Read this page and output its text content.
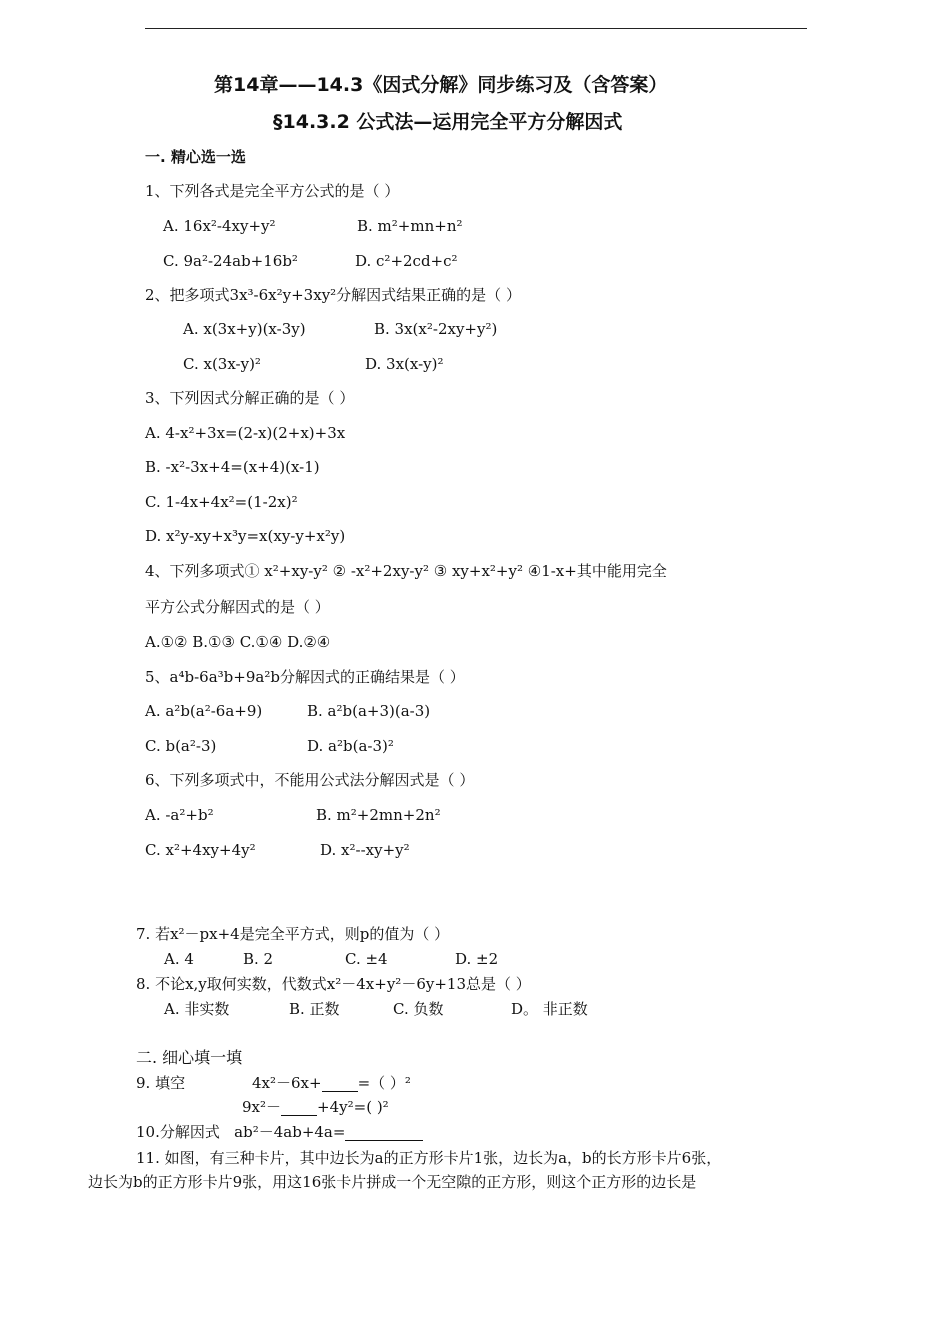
第14章——14.3《因式分解》同步练习及（含答案）
§14.3.2 公式法—运用完全平方分解因式
一. 精心选一选
1、下列各式是完全平方公式的是（ ）
A. 16x²-4xy+y²	B. m²+mn+n²
C. 9a²-24ab+16b²	D. c²+2cd+c²
2、把多项式3x³-6x²y+3xy²分解因式结果正确的是（ ）
A. x(3x+y)(x-3y)	B. 3x(x²-2xy+y²)
C. x(3x-y)²	D. 3x(x-y)²
3、下列因式分解正确的是（ ）
A. 4-x²+3x=(2-x)(2+x)+3x
B. -x²-3x+4=(x+4)(x-1)
C. 1-4x+4x²=(1-2x)²
D. x²y-xy+x³y=x(xy-y+x²y)
4、下列多项式① x²+xy-y² ② -x²+2xy-y² ③ xy+x²+y² ④1-x+其中能用完全
平方公式分解因式的是（ ）
A.①② B.①③ C.①④ D.②④
5、a⁴b-6a³b+9a²b分解因式的正确结果是（ ）
A. a²b(a²-6a+9)	B. a²b(a+3)(a-3)
C. b(a²-3)	D. a²b(a-3)²
6、下列多项式中，不能用公式法分解因式是（ ）
A. -a²+b²	B. m²+2mn+2n²
C. x²+4xy+4y²	D. x²--xy+y²
7. 若x²－px+4是完全平方式，则p的值为（ ）
A. 4	B. 2	C. ±4	D. ±2
8. 不论x,y取何实数，代数式x²－4x+y²－6y+13总是（ ）
A. 非实数	B. 正数	C. 负数	D。 非正数
二. 细心填一填
9. 填空	4x²－6x+ =（ ）²
9x²－ +4y²=( )²
10.分解因式 ab²－4ab+4a=
11. 如图，有三种卡片，其中边长为a的正方形卡片1张，边长为a，b的长方形卡片6张，
边长为b的正方形卡片9张，用这16张卡片拼成一个无空隙的正方形，则这个正方形的边长是
